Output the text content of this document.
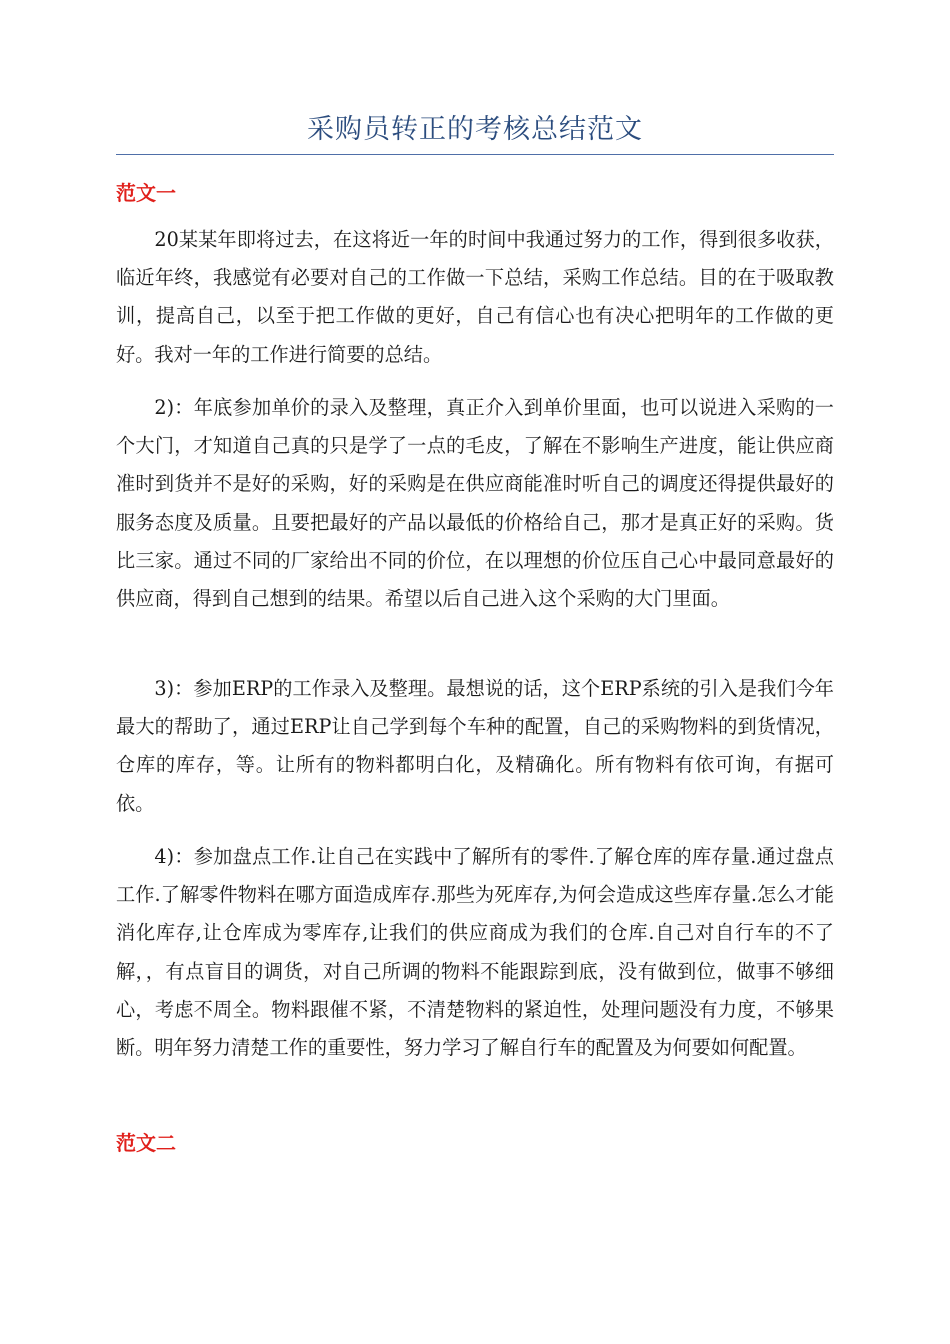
采购员转正的考核总结范文
范文一

20某某年即将过去，在这将近一年的时间中我通过努力的工作，得到很多收获，临近年终，我感觉有必要对自己的工作做一下总结，采购工作总结。目的在于吸取教训，提高自己，以至于把工作做的更好，自己有信心也有决心把明年的工作做的更好。我对一年的工作进行简要的总结。

2)：年底参加单价的录入及整理，真正介入到单价里面，也可以说进入采购的一个大门，才知道自己真的只是学了一点的毛皮，了解在不影响生产进度，能让供应商准时到货并不是好的采购，好的采购是在供应商能准时听自己的调度还得提供最好的服务态度及质量。且要把最好的产品以最低的价格给自己，那才是真正好的采购。货比三家。通过不同的厂家给出不同的价位，在以理想的价位压自己心中最同意最好的供应商，得到自己想到的结果。希望以后自己进入这个采购的大门里面。

3)：参加ERP的工作录入及整理。最想说的话，这个ERP系统的引入是我们今年最大的帮助了，通过ERP让自己学到每个车种的配置，自己的采购物料的到货情况，仓库的库存，等。让所有的物料都明白化，及精确化。所有物料有依可询，有据可依。

4)：参加盘点工作.让自己在实践中了解所有的零件.了解仓库的库存量.通过盘点工作.了解零件物料在哪方面造成库存.那些为死库存,为何会造成这些库存量.怎么才能消化库存,让仓库成为零库存,让我们的供应商成为我们的仓库.自己对自行车的不了解，，有点盲目的调货，对自己所调的物料不能跟踪到底，没有做到位，做事不够细心，考虑不周全。物料跟催不紧，不清楚物料的紧迫性，处理问题没有力度，不够果断。明年努力清楚工作的重要性，努力学习了解自行车的配置及为何要如何配置。

范文二
